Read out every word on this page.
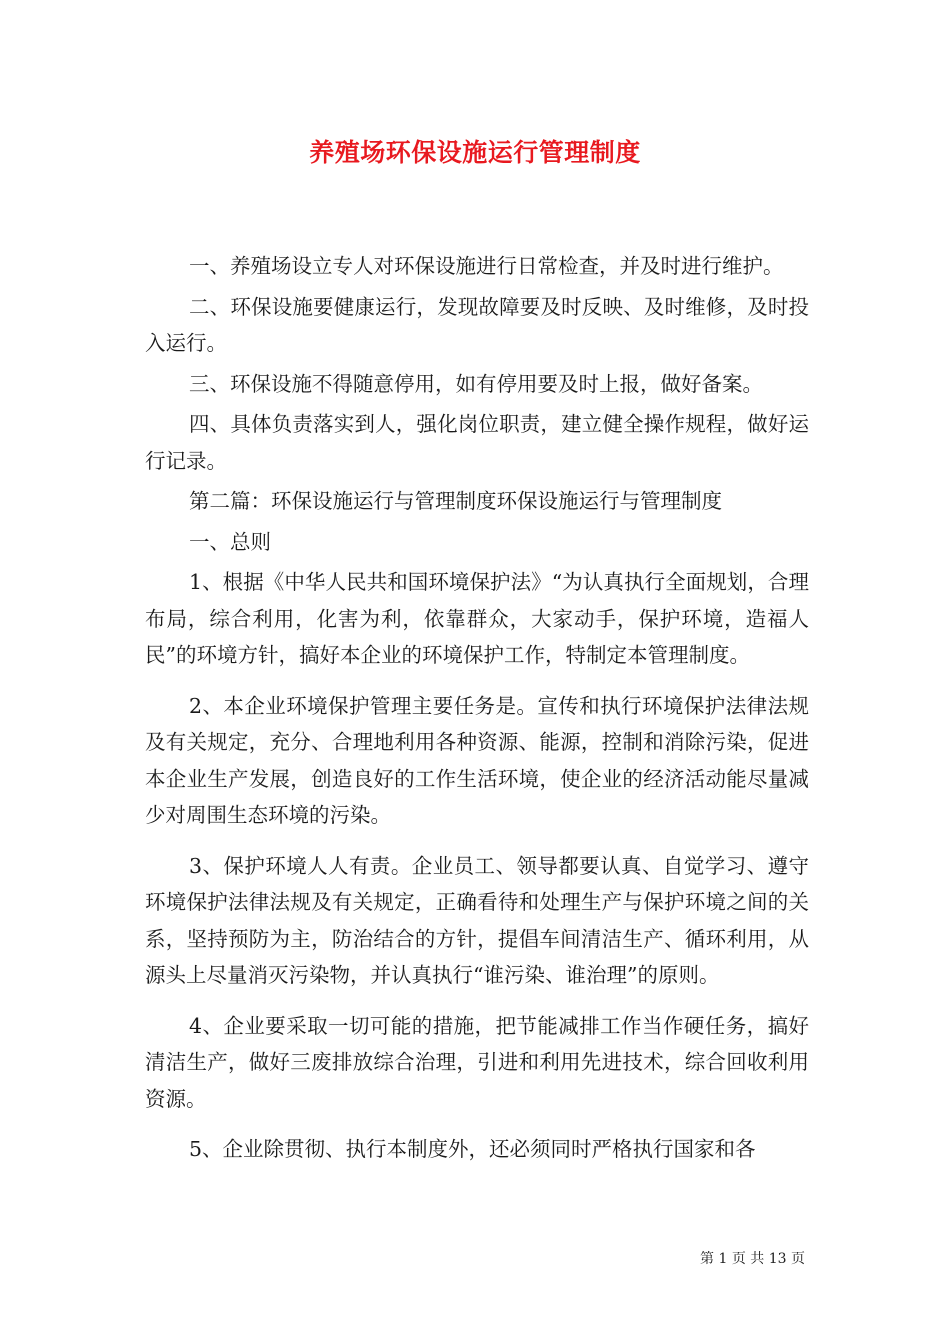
养殖场环保设施运行管理制度

一、养殖场设立专人对环保设施进行日常检查，并及时进行维护。

二、环保设施要健康运行，发现故障要及时反映、及时维修，及时投入运行。

三、环保设施不得随意停用，如有停用要及时上报，做好备案。

四、具体负责落实到人，强化岗位职责，建立健全操作规程，做好运行记录。

第二篇：环保设施运行与管理制度环保设施运行与管理制度

一、总则

1、根据《中华人民共和国环境保护法》“为认真执行全面规划，合理布局，综合利用，化害为利，依靠群众，大家动手，保护环境，造福人民”的环境方针，搞好本企业的环境保护工作，特制定本管理制度。

2、本企业环境保护管理主要任务是。宣传和执行环境保护法律法规及有关规定，充分、合理地利用各种资源、能源，控制和消除污染，促进本企业生产发展，创造良好的工作生活环境，使企业的经济活动能尽量减少对周围生态环境的污染。

3、保护环境人人有责。企业员工、领导都要认真、自觉学习、遵守环境保护法律法规及有关规定，正确看待和处理生产与保护环境之间的关系，坚持预防为主，防治结合的方针，提倡车间清洁生产、循环利用，从源头上尽量消灭污染物，并认真执行“谁污染、谁治理”的原则。

4、企业要采取一切可能的措施，把节能减排工作当作硬任务，搞好清洁生产，做好三废排放综合治理，引进和利用先进技术，综合回收利用资源。

5、企业除贯彻、执行本制度外，还必须同时严格执行国家和各

第 1 页 共 13 页
